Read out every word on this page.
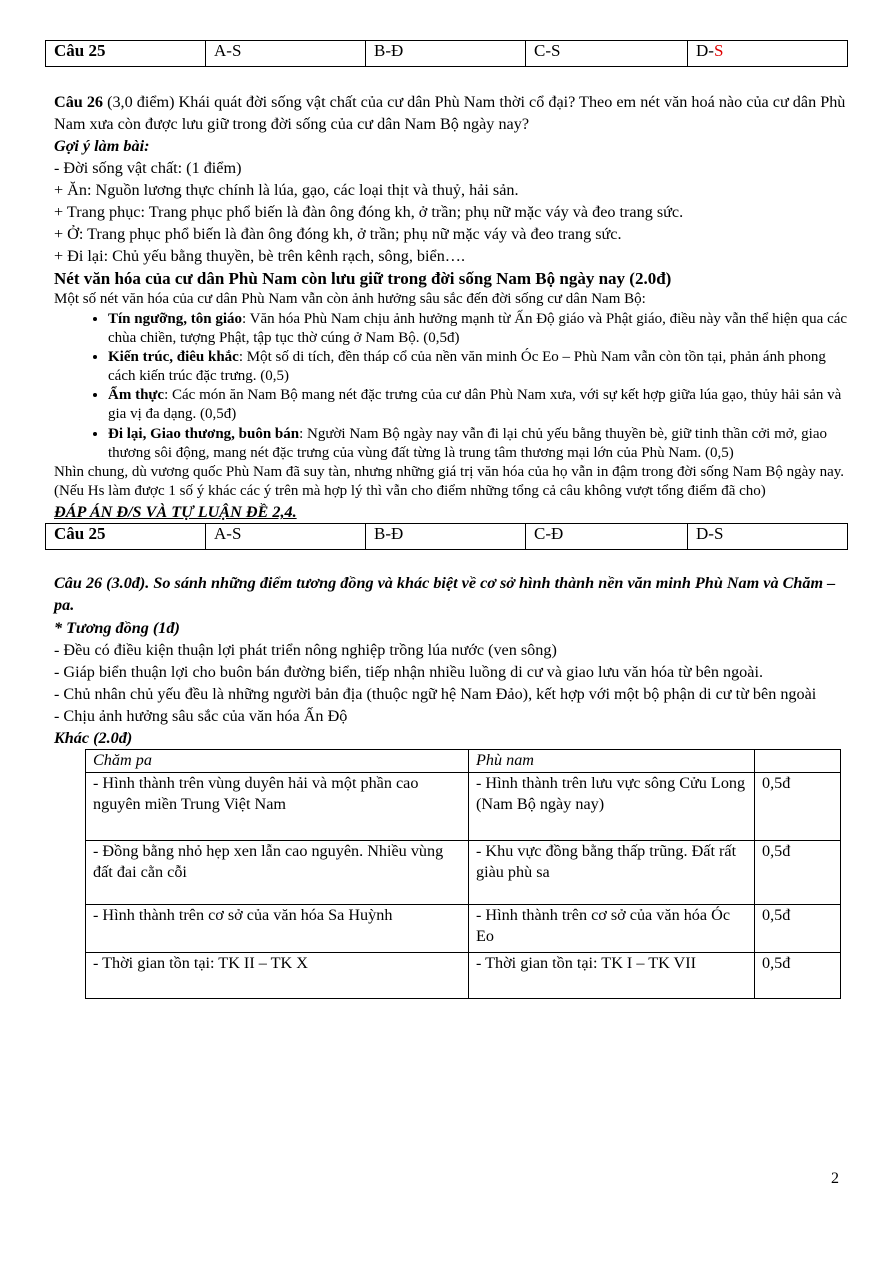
Câu 25	A-S	B-Đ	C-S	D-S

Câu 26 (3,0 điểm) Khái quát đời sống vật chất của cư dân Phù Nam thời cổ đại? Theo em nét văn hoá nào của cư dân Phù Nam xưa còn được lưu giữ trong đời sống của cư dân Nam Bộ ngày nay?

Gợi ý làm bài:

- Đời sống vật chất: (1 điểm)

+ Ăn: Nguồn lương thực chính là lúa, gạo, các loại thịt và thuỷ, hải sản.

+ Trang phục: Trang phục phổ biến là đàn ông đóng kh, ở trần; phụ nữ mặc váy và đeo trang sức.

+ Ở: Trang phục phổ biến là đàn ông đóng kh, ở trần; phụ nữ mặc váy và đeo trang sức.

+ Đi lại: Chủ yếu bằng thuyền, bè trên kênh rạch, sông, biển….

Nét văn hóa của cư dân Phù Nam còn lưu giữ trong đời sống Nam Bộ ngày nay (2.0đ)

Một số nét văn hóa của cư dân Phù Nam vẫn còn ảnh hưởng sâu sắc đến đời sống cư dân Nam Bộ:

• Tín ngưỡng, tôn giáo: Văn hóa Phù Nam chịu ảnh hưởng mạnh từ Ấn Độ giáo và Phật giáo, điều này vẫn thể hiện qua các chùa chiền, tượng Phật, tập tục thờ cúng ở Nam Bộ. (0,5đ)
• Kiến trúc, điêu khắc: Một số di tích, đền tháp cổ của nền văn minh Óc Eo – Phù Nam vẫn còn tồn tại, phản ánh phong cách kiến trúc đặc trưng. (0,5)
• Ẩm thực: Các món ăn Nam Bộ mang nét đặc trưng của cư dân Phù Nam xưa, với sự kết hợp giữa lúa gạo, thủy hải sản và gia vị đa dạng. (0,5đ)
• Đi lại, Giao thương, buôn bán: Người Nam Bộ ngày nay vẫn đi lại chủ yếu bằng thuyền bè, giữ tinh thần cởi mở, giao thương sôi động, mang nét đặc trưng của vùng đất từng là trung tâm thương mại lớn của Phù Nam. (0,5)

Nhìn chung, dù vương quốc Phù Nam đã suy tàn, nhưng những giá trị văn hóa của họ vẫn in đậm trong đời sống Nam Bộ ngày nay.

(Nếu Hs làm được 1 số ý khác các ý trên mà hợp lý thì vẫn cho điểm những tổng cả câu không vượt tổng điểm đã cho)

ĐÁP ÁN Đ/S VÀ TỰ LUẬN ĐỀ 2,4.

Câu 25	A-S	B-Đ	C-Đ	D-S

Câu 26 (3.0đ). So sánh những điểm tương đồng và khác biệt về cơ sở hình thành nền văn minh Phù Nam và Chăm – pa.

* Tương đồng (1đ)

- Đều có điều kiện thuận lợi phát triển nông nghiệp trồng lúa nước (ven sông)

- Giáp biển thuận lợi cho buôn bán đường biển, tiếp nhận nhiều luồng di cư và giao lưu văn hóa từ bên ngoài.

- Chủ nhân chủ yếu đều là những người bản địa (thuộc ngữ hệ Nam Đảo), kết hợp với một bộ phận di cư từ bên ngoài

- Chịu ảnh hưởng sâu sắc của văn hóa Ấn Độ

Khác (2.0đ)

Chăm pa	Phù nam	
- Hình thành trên vùng duyên hải và một phần cao nguyên miền Trung Việt Nam	- Hình thành trên lưu vực sông Cửu Long (Nam Bộ ngày nay)	0,5đ
- Đồng bằng nhỏ hẹp xen lẫn cao nguyên. Nhiều vùng đất đai cằn cỗi	- Khu vực đồng bằng thấp trũng. Đất rất giàu phù sa	0,5đ
- Hình thành trên cơ sở của văn hóa Sa Huỳnh	- Hình thành trên cơ sở của văn hóa Óc Eo	0,5đ
- Thời gian tồn tại: TK II – TK X	- Thời gian tồn tại: TK I – TK VII	0,5đ
2
